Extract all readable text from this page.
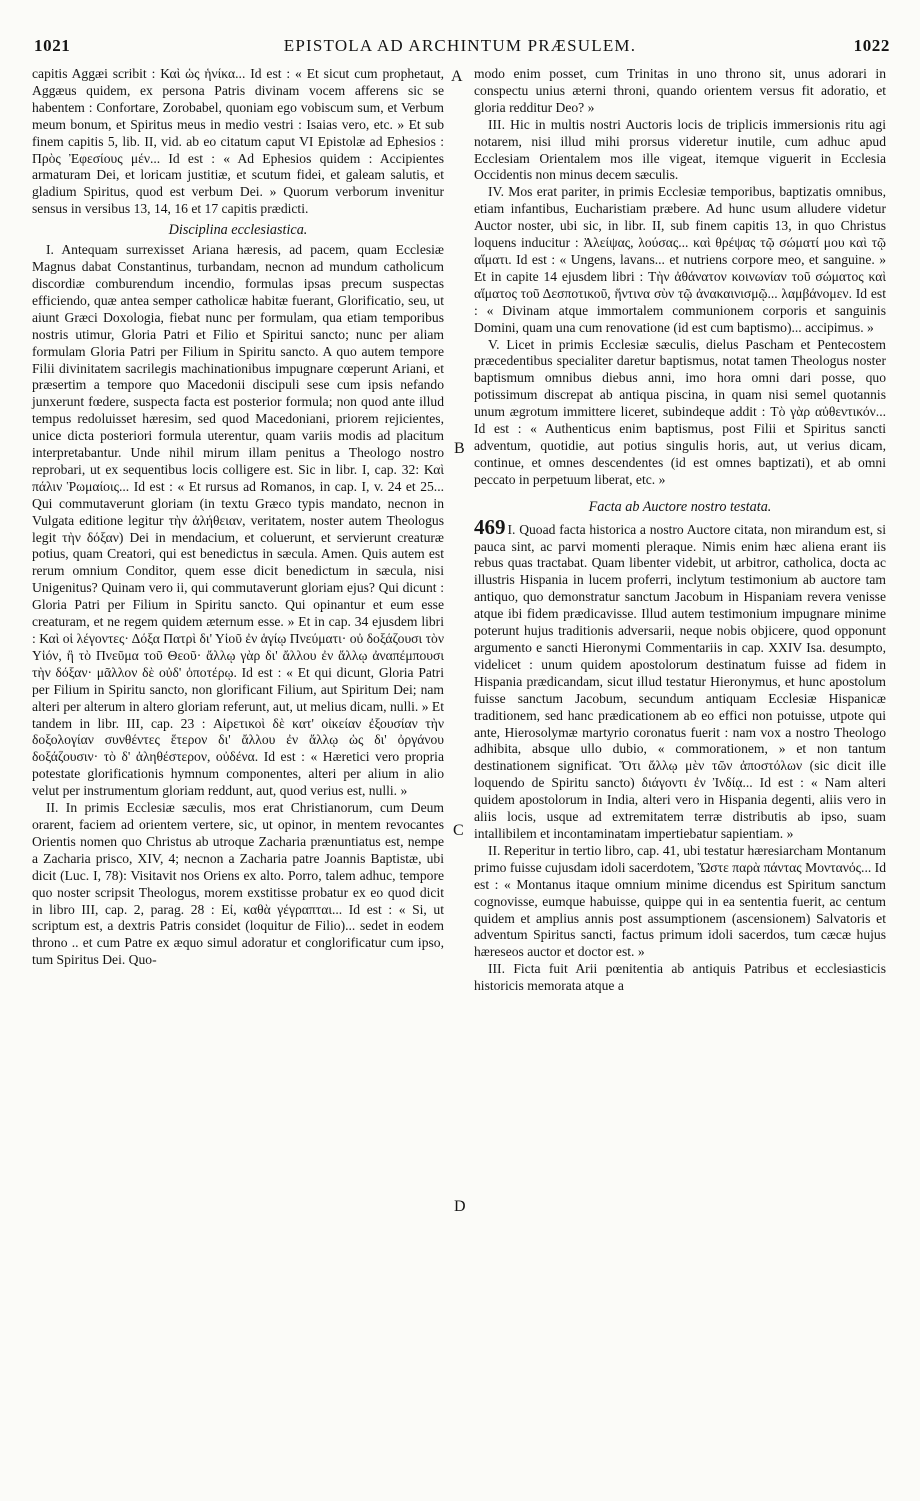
1021	EPISTOLA AD ARCHINTUM PRÆSULEM.	1022
A
B
C
D

capitis Aggæi scribit : Καὶ ὡς ἡνίκα... Id est : « Et sicut cum prophetaut, Aggæus quidem, ex persona Patris divinam vocem afferens sic se habentem : Confortare, Zorobabel, quoniam ego vobiscum sum, et Verbum meum bonum, et Spiritus meus in medio vestri : Isaias vero, etc. » Et sub finem capitis 5, lib. II, vid. ab eo citatum caput VI Epistolæ ad Ephesios : Πρὸς Ἐφεσίους μέν... Id est : « Ad Ephesios quidem : Accipientes armaturam Dei, et loricam justitiæ, et scutum fidei, et galeam salutis, et gladium Spiritus, quod est verbum Dei. » Quorum verborum invenitur sensus in versibus 13, 14, 16 et 17 capitis prædicti.

Disciplina ecclesiastica.

I. Antequam surrexisset Ariana hæresis, ad pacem, quam Ecclesiæ Magnus dabat Constantinus, turbandam, necnon ad mundum catholicum discordiæ comburendum incendio, formulas ipsas precum suspectas efficiendo, quæ antea semper catholicæ habitæ fuerant, Glorificatio, seu, ut aiunt Græci Doxologia, fiebat nunc per formulam, qua etiam temporibus nostris utimur, Gloria Patri et Filio et Spiritui sancto; nunc per aliam formulam Gloria Patri per Filium in Spiritu sancto. A quo autem tempore Filii divinitatem sacrilegis machinationibus impugnare cœperunt Ariani, et præsertim a tempore quo Macedonii discipuli sese cum ipsis nefando junxerunt fœdere, suspecta facta est posterior formula; non quod ante illud tempus redoluisset hæresim, sed quod Macedoniani, priorem rejicientes, unice dicta posteriori formula uterentur, quam variis modis ad placitum interpretabantur. Unde nihil mirum illam penitus a Theologo nostro reprobari, ut ex sequentibus locis colligere est. Sic in libr. I, cap. 32: Καὶ πάλιν Ῥωμαίοις... Id est : « Et rursus ad Romanos, in cap. I, v. 24 et 25... Qui commutaverunt gloriam (in textu Græco typis mandato, necnon in Vulgata editione legitur τὴν ἀλήθειαν, veritatem, noster autem Theologus legit τὴν δόξαν) Dei in mendacium, et coluerunt, et servierunt creaturæ potius, quam Creatori, qui est benedictus in sæcula. Amen. Quis autem est rerum omnium Conditor, quem esse dicit benedictum in sæcula, nisi Unigenitus? Quinam vero ii, qui commutaverunt gloriam ejus? Qui dicunt : Gloria Patri per Filium in Spiritu sancto. Qui opinantur et eum esse creaturam, et ne regem quidem æternum esse. » Et in cap. 34 ejusdem libri : Καὶ οἱ λέγοντες· Δόξα Πατρὶ δι' Υἱοῦ ἐν ἁγίῳ Πνεύματι· οὐ δοξάζουσι τὸν Υἱόν, ἢ τὸ Πνεῦμα τοῦ Θεοῦ· ἄλλῳ γὰρ δι' ἄλλου ἐν ἄλλῳ ἀναπέμπουσι τὴν δόξαν· μᾶλλον δὲ οὐδ' ὁποτέρῳ. Id est : « Et qui dicunt, Gloria Patri per Filium in Spiritu sancto, non glorificant Filium, aut Spiritum Dei; nam alteri per alterum in altero gloriam referunt, aut, ut melius dicam, nulli. » Et tandem in libr. III, cap. 23 : Αἱρετικοὶ δὲ κατ' οἰκείαν ἐξουσίαν τὴν δοξολογίαν συνθέντες ἕτερον δι' ἄλλου ἐν ἄλλῳ ὡς δι' ὀργάνου δοξάζουσιν· τὸ δ' ἀληθέστερον, οὐδένα. Id est : « Hæretici vero propria potestate glorificationis hymnum componentes, alteri per alium in alio velut per instrumentum gloriam reddunt, aut, quod verius est, nulli. »

II. In primis Ecclesiæ sæculis, mos erat Christianorum, cum Deum orarent, faciem ad orientem vertere, sic, ut opinor, in mentem revocantes Orientis nomen quo Christus ab utroque Zacharia prænuntiatus est, nempe a Zacharia prisco, XIV, 4; necnon a Zacharia patre Joannis Baptistæ, ubi dicit (Luc. I, 78): Visitavit nos Oriens ex alto. Porro, talem adhuc, tempore quo noster scripsit Theologus, morem exstitisse probatur ex eo quod dicit in libro III, cap. 2, parag. 28 : Εἰ, καθὰ γέγραπται... Id est : « Si, ut scriptum est, a dextris Patris considet (loquitur de Filio)... sedet in eodem throno .. et cum Patre ex æquo simul adoratur et conglorificatur cum ipso, tum Spiritus Dei. Quo-

modo enim posset, cum Trinitas in uno throno sit, unus adorari in conspectu unius æterni throni, quando orientem versus fit adoratio, et gloria redditur Deo? »

III. Hic in multis nostri Auctoris locis de triplicis immersionis ritu agi notarem, nisi illud mihi prorsus videretur inutile, cum adhuc apud Ecclesiam Orientalem mos ille vigeat, itemque viguerit in Ecclesia Occidentis non minus decem sæculis.

IV. Mos erat pariter, in primis Ecclesiæ temporibus, baptizatis omnibus, etiam infantibus, Eucharistiam præbere. Ad hunc usum alludere videtur Auctor noster, ubi sic, in libr. II, sub finem capitis 13, in quo Christus loquens inducitur : Ἀλείψας, λούσας... καὶ θρέψας τῷ σώματί μου καὶ τῷ αἵματι. Id est : « Ungens, lavans... et nutriens corpore meo, et sanguine. » Et in capite 14 ejusdem libri : Τὴν ἀθάνατον κοινωνίαν τοῦ σώματος καὶ αἵματος τοῦ Δεσποτικοῦ, ἥντινα σὺν τῷ ἀνακαινισμῷ... λαμβάνομεν. Id est : « Divinam atque immortalem communionem corporis et sanguinis Domini, quam una cum renovatione (id est cum baptismo)... accipimus. »

V. Licet in primis Ecclesiæ sæculis, dielus Pascham et Pentecostem præcedentibus specialiter daretur baptismus, notat tamen Theologus noster baptismum omnibus diebus anni, imo hora omni dari posse, quo potissimum discrepat ab antiqua piscina, in quam nisi semel quotannis unum ægrotum immittere liceret, subindeque addit : Τὸ γὰρ αὐθεντικόν... Id est : « Authenticus enim baptismus, post Filii et Spiritus sancti adventum, quotidie, aut potius singulis horis, aut, ut verius dicam, continue, et omnes descendentes (id est omnes baptizati), et ab omni peccato in perpetuum liberat, etc. »

Facta ab Auctore nostro testata.

469 I. Quoad facta historica a nostro Auctore citata, non mirandum est, si pauca sint, ac parvi momenti pleraque. Nimis enim hæc aliena erant iis rebus quas tractabat. Quam libenter videbit, ut arbitror, catholica, docta ac illustris Hispania in lucem proferri, inclytum testimonium ab auctore tam antiquo, quo demonstratur sanctum Jacobum in Hispaniam revera venisse atque ibi fidem prædicavisse. Illud autem testimonium impugnare minime poterunt hujus traditionis adversarii, neque nobis objicere, quod opponunt argumento e sancti Hieronymi Commentariis in cap. XXIV Isa. desumpto, videlicet : unum quidem apostolorum destinatum fuisse ad fidem in Hispania prædicandam, sicut illud testatur Hieronymus, et hunc apostolum fuisse sanctum Jacobum, secundum antiquam Ecclesiæ Hispanicæ traditionem, sed hanc prædicationem ab eo effici non potuisse, utpote qui ante, Hierosolymæ martyrio coronatus fuerit : nam vox a nostro Theologo adhibita, absque ullo dubio, « commorationem, » et non tantum destinationem significat. Ὅτι ἄλλῳ μὲν τῶν ἀποστόλων (sic dicit ille loquendo de Spiritu sancto) διάγοντι ἐν Ἰνδίᾳ... Id est : « Nam alteri quidem apostolorum in India, alteri vero in Hispania degenti, aliis vero in aliis locis, usque ad extremitatem terræ distributis ab ipso, suam intallibilem et incontaminatam impertiebatur sapientiam. »

II. Reperitur in tertio libro, cap. 41, ubi testatur hæresiarcham Montanum primo fuisse cujusdam idoli sacerdotem, Ὥστε παρὰ πάντας Μοντανός... Id est : « Montanus itaque omnium minime dicendus est Spiritum sanctum cognovisse, eumque habuisse, quippe qui in ea sententia fuerit, ac centum quidem et amplius annis post assumptionem (ascensionem) Salvatoris et adventum Spiritus sancti, factus primum idoli sacerdos, tum cæcæ hujus hæreseos auctor et doctor est. »

III. Ficta fuit Arii pœnitentia ab antiquis Patribus et ecclesiasticis historicis memorata atque a
